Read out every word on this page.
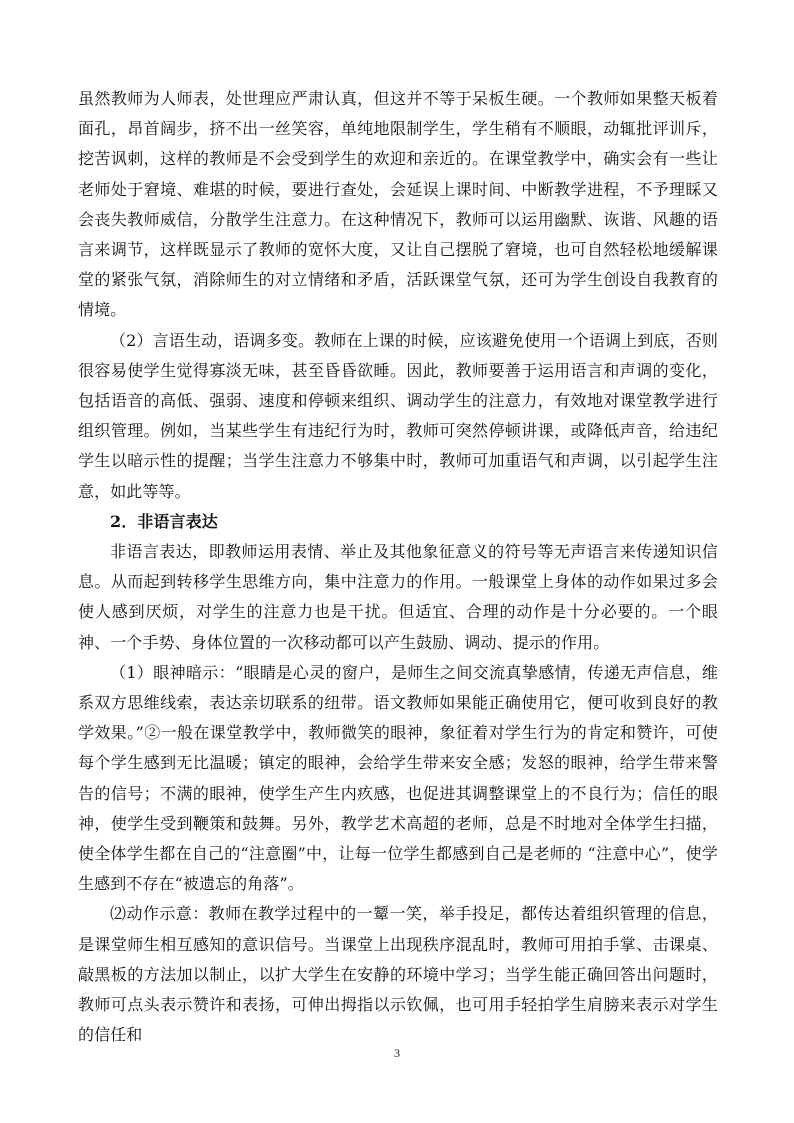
虽然教师为人师表，处世理应严肃认真，但这并不等于呆板生硬。一个教师如果整天板着面孔，昂首阔步，挤不出一丝笑容，单纯地限制学生，学生稍有不顺眼，动辄批评训斥，挖苦讽刺，这样的教师是不会受到学生的欢迎和亲近的。在课堂教学中，确实会有一些让老师处于窘境、难堪的时候，要进行查处，会延误上课时间、中断教学进程，不予理睬又会丧失教师威信，分散学生注意力。在这种情况下，教师可以运用幽默、诙谐、风趣的语言来调节，这样既显示了教师的宽怀大度，又让自己摆脱了窘境，也可自然轻松地缓解课堂的紧张气氛，消除师生的对立情绪和矛盾，活跃课堂气氛，还可为学生创设自我教育的情境。

（2）言语生动，语调多变。教师在上课的时候，应该避免使用一个语调上到底，否则很容易使学生觉得寡淡无味，甚至昏昏欲睡。因此，教师要善于运用语言和声调的变化，包括语音的高低、强弱、速度和停顿来组织、调动学生的注意力，有效地对课堂教学进行组织管理。例如，当某些学生有违纪行为时，教师可突然停顿讲课，或降低声音，给违纪学生以暗示性的提醒；当学生注意力不够集中时，教师可加重语气和声调，以引起学生注意，如此等等。

2．非语言表达

非语言表达，即教师运用表情、举止及其他象征意义的符号等无声语言来传递知识信息。从而起到转移学生思维方向，集中注意力的作用。一般课堂上身体的动作如果过多会使人感到厌烦，对学生的注意力也是干扰。但适宜、合理的动作是十分必要的。一个眼神、一个手势、身体位置的一次移动都可以产生鼓励、调动、提示的作用。

（1）眼神暗示：“眼睛是心灵的窗户，是师生之间交流真挚感情，传递无声信息，维系双方思维线索，表达亲切联系的纽带。语文教师如果能正确使用它，便可收到良好的教学效果。”②一般在课堂教学中，教师微笑的眼神，象征着对学生行为的肯定和赞许，可使每个学生感到无比温暖；镇定的眼神，会给学生带来安全感；发怒的眼神，给学生带来警告的信号；不满的眼神，使学生产生内疚感，也促进其调整课堂上的不良行为；信任的眼神，使学生受到鞭策和鼓舞。另外，教学艺术高超的老师，总是不时地对全体学生扫描，使全体学生都在自己的“注意圈”中，让每一位学生都感到自己是老师的 “注意中心”，使学生感到不存在“被遗忘的角落”。

⑵动作示意：教师在教学过程中的一颦一笑，举手投足，都传达着组织管理的信息，是课堂师生相互感知的意识信号。当课堂上出现秩序混乱时，教师可用拍手掌、击课桌、敲黑板的方法加以制止，以扩大学生在安静的环境中学习；当学生能正确回答出问题时，教师可点头表示赞许和表扬，可伸出拇指以示钦佩，也可用手轻拍学生肩膀来表示对学生的信任和

3
